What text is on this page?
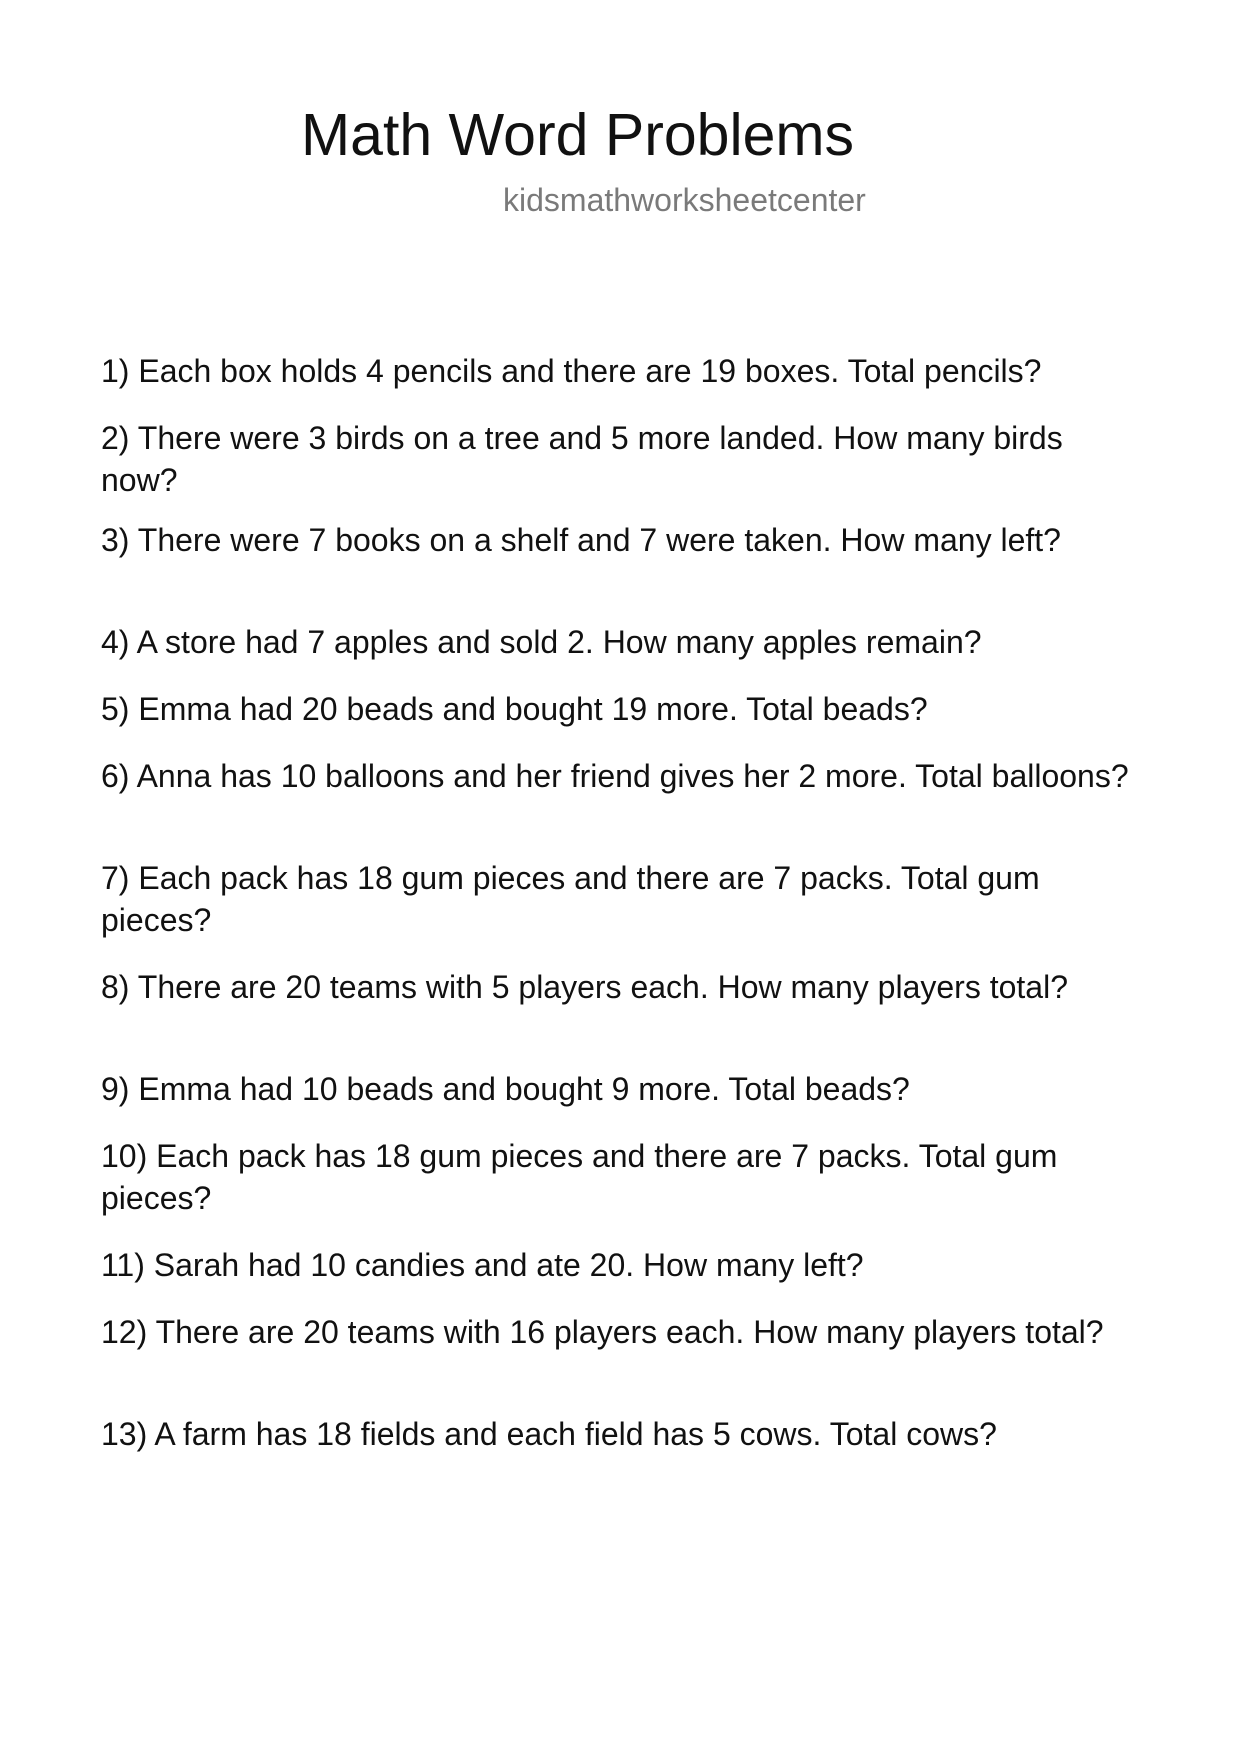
Math Word Problems
kidsmathworksheetcenter
1) Each box holds 4 pencils and there are 19 boxes. Total pencils?
2) There were 3 birds on a tree and 5 more landed. How many birds now?
3) There were 7 books on a shelf and 7 were taken. How many left?
4) A store had 7 apples and sold 2. How many apples remain?
5) Emma had 20 beads and bought 19 more. Total beads?
6) Anna has 10 balloons and her friend gives her 2 more. Total balloons?
7) Each pack has 18 gum pieces and there are 7 packs. Total gum pieces?
8) There are 20 teams with 5 players each. How many players total?
9) Emma had 10 beads and bought 9 more. Total beads?
10) Each pack has 18 gum pieces and there are 7 packs. Total gum pieces?
11) Sarah had 10 candies and ate 20. How many left?
12) There are 20 teams with 16 players each. How many players total?
13) A farm has 18 fields and each field has 5 cows. Total cows?
